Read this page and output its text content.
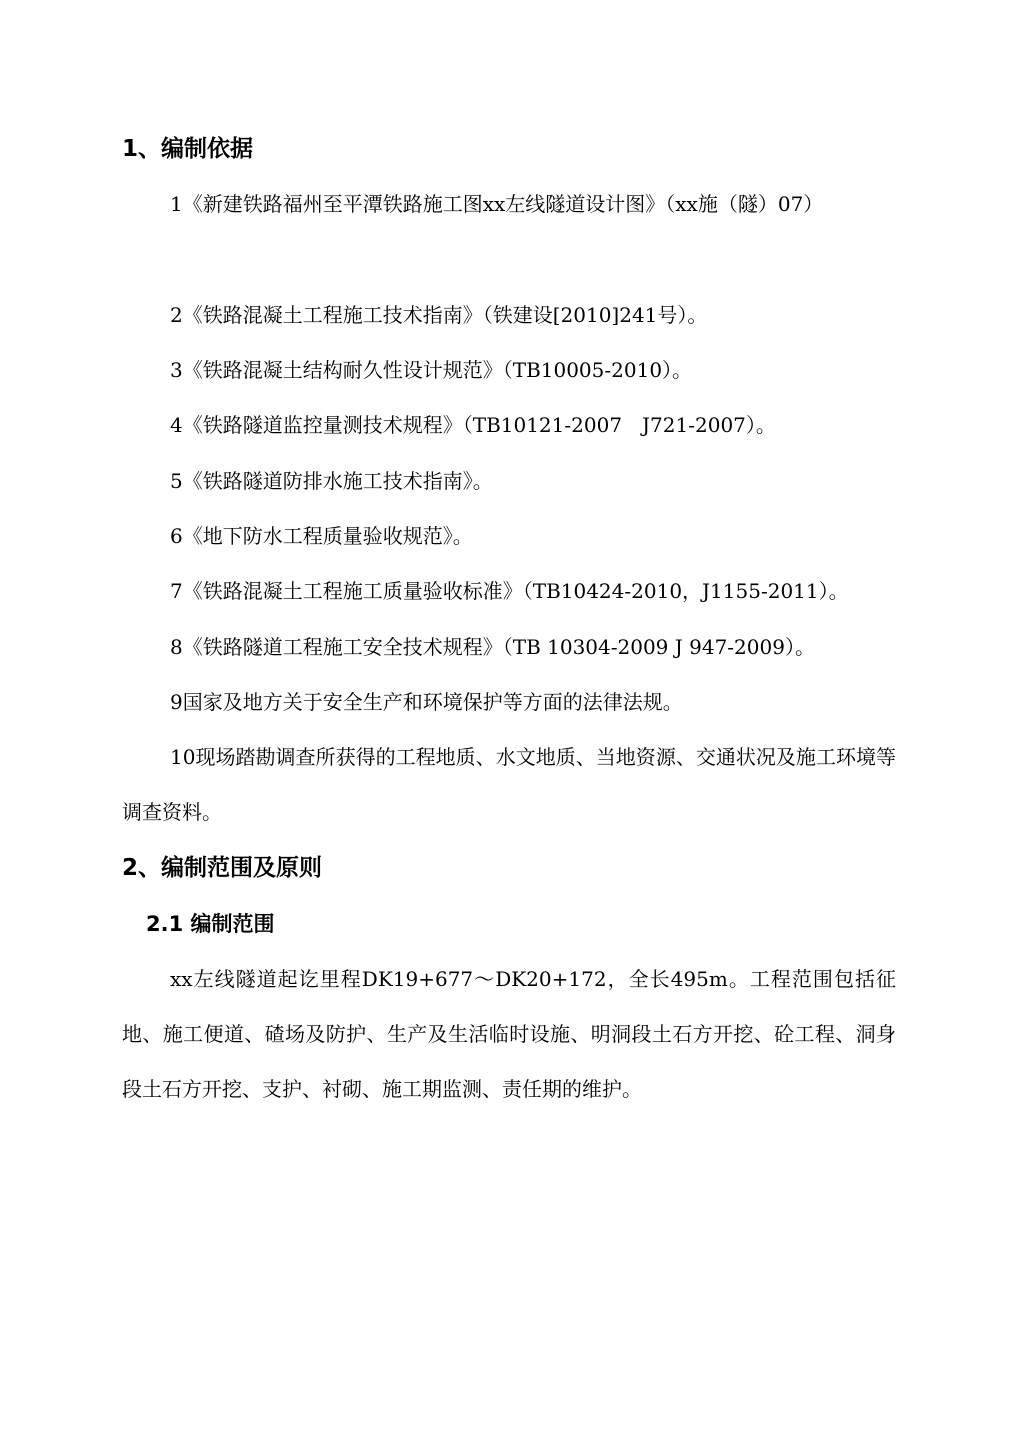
1、编制依据
1《新建铁路福州至平潭铁路施工图xx左线隧道设计图》（xx施（隧）07）
2《铁路混凝土工程施工技术指南》（铁建设[2010]241号）。
3《铁路混凝土结构耐久性设计规范》（TB10005-2010）。
4《铁路隧道监控量测技术规程》（TB10121-2007　J721-2007）。
5《铁路隧道防排水施工技术指南》。
6《地下防水工程质量验收规范》。
7《铁路混凝土工程施工质量验收标准》（TB10424-2010，J1155-2011）。
8《铁路隧道工程施工安全技术规程》（TB 10304-2009 J 947-2009）。
9国家及地方关于安全生产和环境保护等方面的法律法规。
10现场踏勘调查所获得的工程地质、水文地质、当地资源、交通状况及施工环境等调查资料。
2、编制范围及原则
2.1 编制范围
xx左线隧道起讫里程DK19+677～DK20+172，全长495m。工程范围包括征地、施工便道、碴场及防护、生产及生活临时设施、明洞段土石方开挖、砼工程、洞身段土石方开挖、支护、衬砌、施工期监测、责任期的维护。
